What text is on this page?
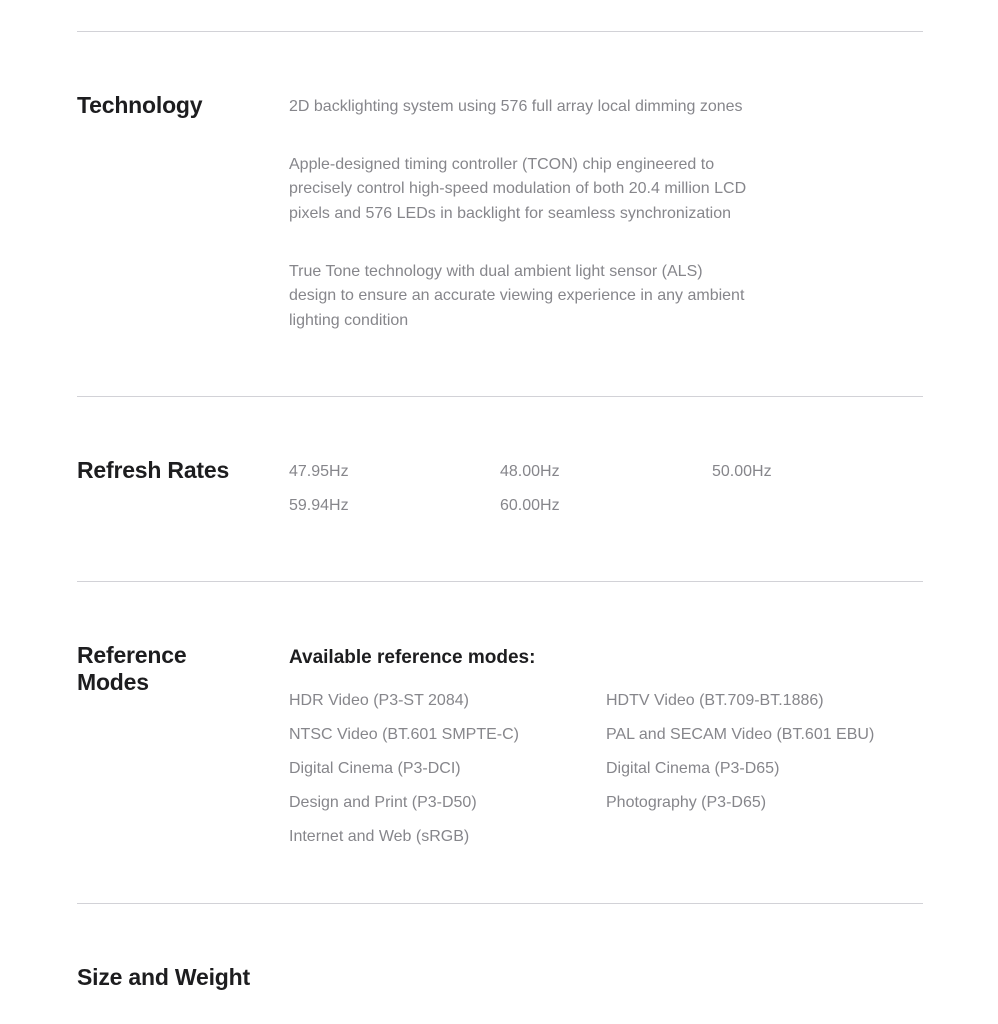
Technology	2D backlighting system using 576 full array local dimming zones

Apple-designed timing controller (TCON) chip engineered to precisely control high-speed modulation of both 20.4 million LCD pixels and 576 LEDs in backlight for seamless synchronization

True Tone technology with dual ambient light sensor (ALS) design to ensure an accurate viewing experience in any ambient lighting condition

Refresh Rates	47.95Hz	48.00Hz	50.00Hz
59.94Hz	60.00Hz
Reference
Modes
Available reference modes:
HDR Video (P3-ST 2084)	HDTV Video (BT.709-BT.1886)
NTSC Video (BT.601 SMPTE-C)	PAL and SECAM Video (BT.601 EBU)
Digital Cinema (P3-DCI)	Digital Cinema (P3-D65)
Design and Print (P3-D50)	Photography (P3-D65)
Internet and Web (sRGB)
Size and Weight
